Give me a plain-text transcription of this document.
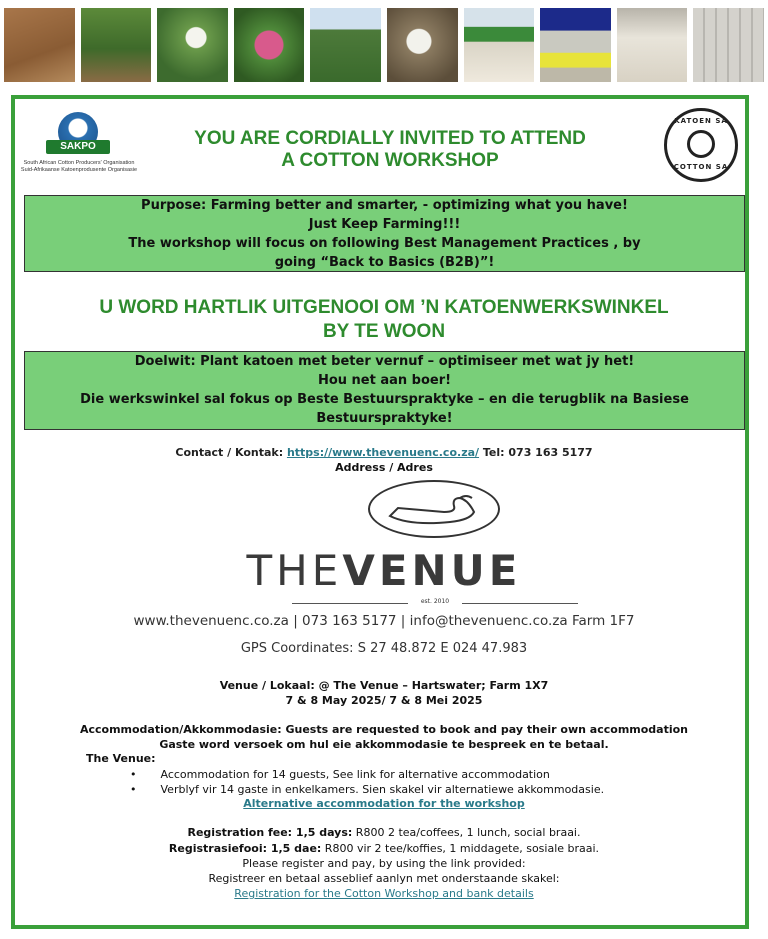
SAKPO
South African Cotton Producers' Organisation Suid-Afrikaanse Katoenprodusente Organisasie
KATOEN SA
COTTON SA
YOU ARE CORDIALLY INVITED TO ATTEND
A COTTON WORKSHOP
Purpose: Farming better and smarter, - optimizing what you have!
Just Keep Farming!!!
The workshop will focus on following Best Management Practices , by
going “Back to Basics (B2B)”!
U WORD HARTLIK UITGENOOI OM ’N KATOENWERKSWINKEL
BY TE WOON
Doelwit: Plant katoen met beter vernuf – optimiseer met wat jy het!
Hou net aan boer!
Die werkswinkel sal fokus op Beste Bestuurspraktyke – en die terugblik na Basiese
Bestuurspraktyke!
Contact / Kontak: https://www.thevenuenc.co.za/ Tel: 073 163 5177
Address / Adres
THEVENUE
est. 2010
www.thevenuenc.co.za | 073 163 5177 | info@thevenuenc.co.za Farm 1F7
GPS Coordinates: S 27 48.872 E 024 47.983
Venue / Lokaal: @ The Venue – Hartswater; Farm 1X7
7 & 8 May 2025/ 7 & 8 Mei 2025
Accommodation/Akkommodasie: Guests are requested to book and pay their own accommodation
Gaste word versoek om hul eie akkommodasie te bespreek en te betaal.
The Venue:
• Accommodation for 14 guests, See link for alternative accommodation
• Verblyf vir 14 gaste in enkelkamers. Sien skakel vir alternatiewe akkommodasie.
Alternative accommodation for the workshop
Registration fee: 1,5 days: R800 2 tea/coffees, 1 lunch, social braai.
Registrasiefooi: 1,5 dae: R800 vir 2 tee/koffies, 1 middagete, sosiale braai.
Please register and pay, by using the link provided:
Registreer en betaal asseblief aanlyn met onderstaande skakel:
Registration for the Cotton Workshop and bank details
